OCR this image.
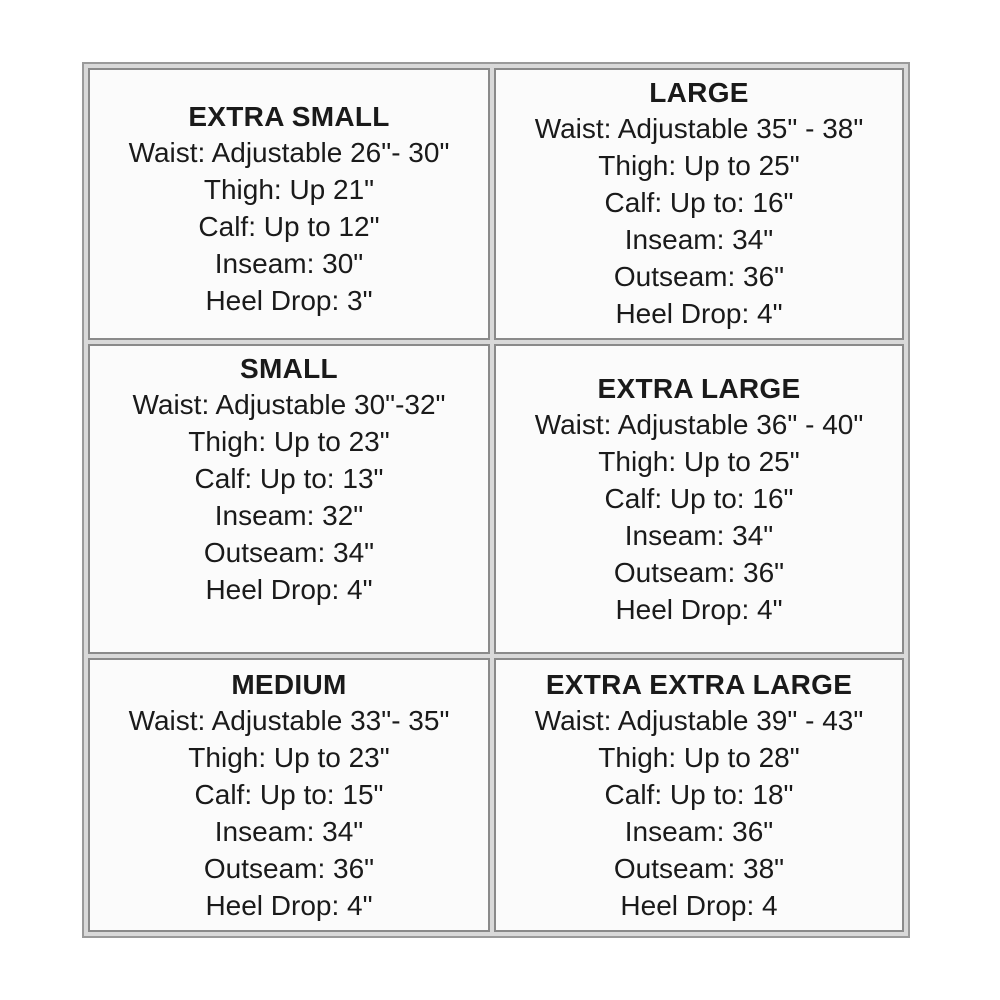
EXTRA SMALL
Waist: Adjustable 26"- 30"
Thigh: Up 21"
Calf: Up to 12"
Inseam: 30"
Heel Drop: 3"
SMALL
Waist: Adjustable 30"-32"
Thigh: Up to 23"
Calf: Up to: 13"
Inseam: 32"
Outseam: 34"
Heel Drop: 4"
MEDIUM
Waist: Adjustable 33"- 35"
Thigh: Up to 23"
Calf: Up to: 15"
Inseam: 34"
Outseam: 36"
Heel Drop: 4"
LARGE
Waist: Adjustable 35" - 38"
Thigh: Up to 25"
Calf: Up to: 16"
Inseam: 34"
Outseam: 36"
Heel Drop: 4"
EXTRA LARGE
Waist: Adjustable 36" - 40"
Thigh: Up to 25"
Calf: Up to: 16"
Inseam: 34"
Outseam: 36"
Heel Drop: 4"
EXTRA EXTRA LARGE
Waist: Adjustable 39" - 43"
Thigh: Up to 28"
Calf: Up to: 18"
Inseam: 36"
Outseam: 38"
Heel Drop: 4
